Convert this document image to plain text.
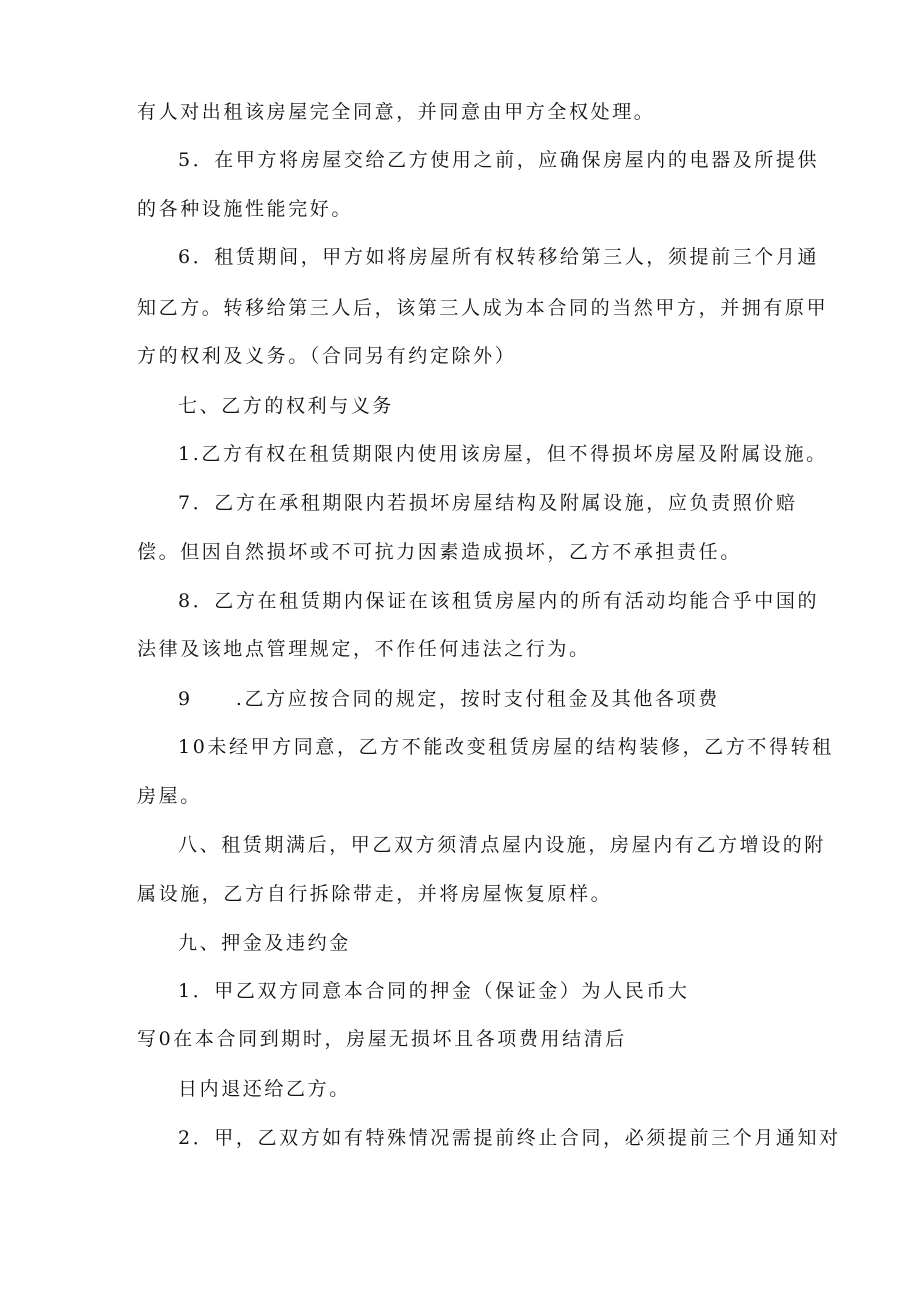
有人对出租该房屋完全同意，并同意由甲方全权处理。
5．在甲方将房屋交给乙方使用之前，应确保房屋内的电器及所提供
的各种设施性能完好。
6．租赁期间，甲方如将房屋所有权转移给第三人，须提前三个月通
知乙方。转移给第三人后，该第三人成为本合同的当然甲方，并拥有原甲
方的权利及义务。（合同另有约定除外）
七、乙方的权利与义务
1.乙方有权在租赁期限内使用该房屋，但不得损坏房屋及附属设施。
7．乙方在承租期限内若损坏房屋结构及附属设施，应负责照价赔
偿。但因自然损坏或不可抗力因素造成损坏，乙方不承担责任。
8．乙方在租赁期内保证在该租赁房屋内的所有活动均能合乎中国的
法律及该地点管理规定，不作任何违法之行为。
9　　.乙方应按合同的规定，按时支付租金及其他各项费
10未经甲方同意，乙方不能改变租赁房屋的结构装修，乙方不得转租
房屋。
八、租赁期满后，甲乙双方须清点屋内设施，房屋内有乙方增设的附
属设施，乙方自行拆除带走，并将房屋恢复原样。
九、押金及违约金
1．甲乙双方同意本合同的押金（保证金）为人民币大
写0在本合同到期时，房屋无损坏且各项费用结清后
日内退还给乙方。
2．甲，乙双方如有特殊情况需提前终止合同，必须提前三个月通知对
